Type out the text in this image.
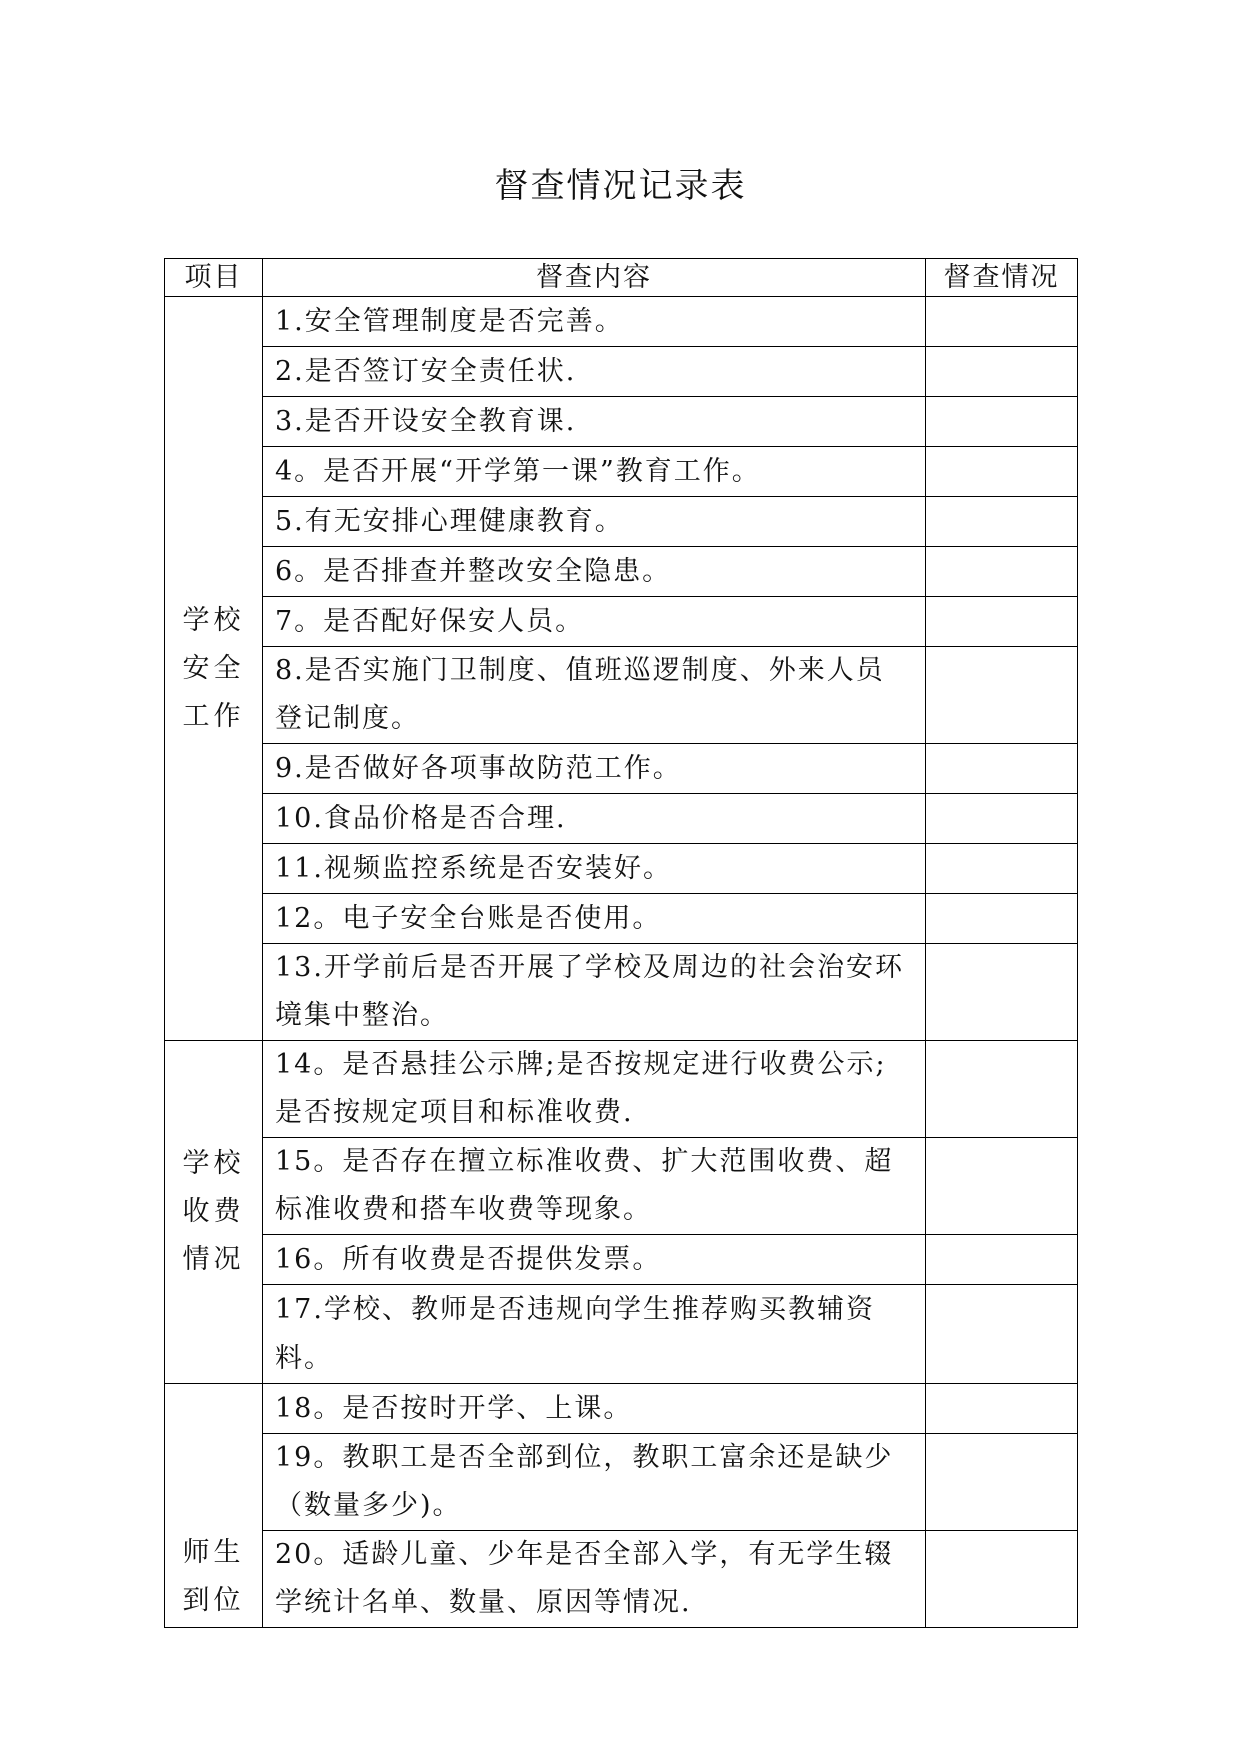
督查情况记录表
项目	督查内容	督查情况

学校
安全
工作	1.安全管理制度是否完善。	
	2.是否签订安全责任状.	
	3.是否开设安全教育课.	
	4。是否开展“开学第一课”教育工作。	
	5.有无安排心理健康教育。	
	6。是否排查并整改安全隐患。	
	7。是否配好保安人员。	
	8.是否实施门卫制度、值班巡逻制度、外来人员登记制度。	
	9.是否做好各项事故防范工作。	
	10.食品价格是否合理.	
	11.视频监控系统是否安装好。	
	12。电子安全台账是否使用。	
	13.开学前后是否开展了学校及周边的社会治安环境集中整治。	

学校
收费
情况	14。是否悬挂公示牌;是否按规定进行收费公示; 是否按规定项目和标准收费.	
	15。是否存在擅立标准收费、扩大范围收费、超标准收费和搭车收费等现象。	
	16。所有收费是否提供发票。	
	17.学校、教师是否违规向学生推荐购买教辅资料。	

师生
到位	18。是否按时开学、上课。	
	19。教职工是否全部到位，教职工富余还是缺少（数量多少)。	
	20。适龄儿童、少年是否全部入学，有无学生辍学统计名单、数量、原因等情况.	
